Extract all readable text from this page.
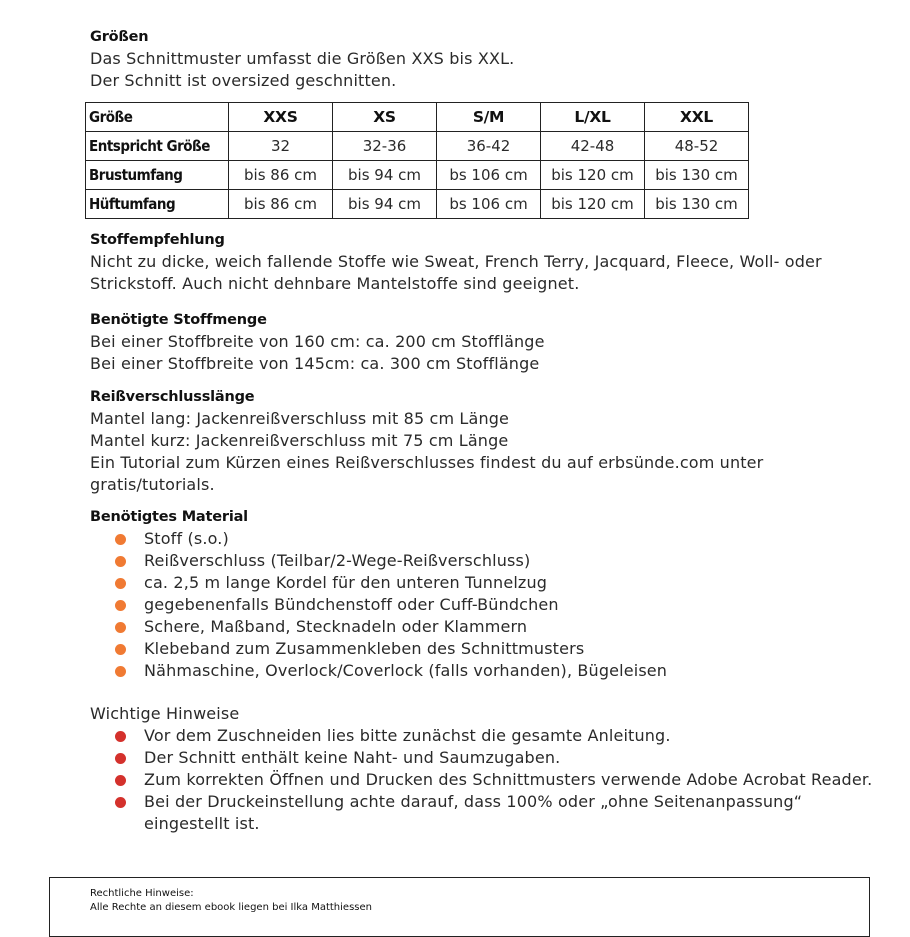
Größen

Das Schnittmuster umfasst die Größen XXS bis XXL.

Der Schnitt ist oversized geschnitten.

Größe	XXS	XS	S/M	L/XL	XXL
Entspricht Größe	32	32-36	36-42	42-48	48-52
Brustumfang	bis 86 cm	bis 94 cm	bs 106 cm	bis 120 cm	bis 130 cm
Hüftumfang	bis 86 cm	bis 94 cm	bs 106 cm	bis 120 cm	bis 130 cm

Stoffempfehlung

Nicht zu dicke, weich fallende Stoffe wie Sweat, French Terry, Jacquard, Fleece, Woll- oder

Strickstoff. Auch nicht dehnbare Mantelstoffe sind geeignet.

Benötigte Stoffmenge

Bei einer Stoffbreite von 160 cm: ca. 200 cm Stofflänge

Bei einer Stoffbreite von 145cm: ca. 300 cm Stofflänge

Reißverschlusslänge

Mantel lang: Jackenreißverschluss mit 85 cm Länge

Mantel kurz: Jackenreißverschluss mit 75 cm Länge

Ein Tutorial zum Kürzen eines Reißverschlusses findest du auf erbsünde.com unter

gratis/tutorials.

Benötigtes Material

Stoff (s.o.)
Reißverschluss (Teilbar/2-Wege-Reißverschluss)
ca. 2,5 m lange Kordel für den unteren Tunnelzug
gegebenenfalls Bündchenstoff oder Cuff-Bündchen
Schere, Maßband, Stecknadeln oder Klammern
Klebeband zum Zusammenkleben des Schnittmusters
Nähmaschine, Overlock/Coverlock (falls vorhanden), Bügeleisen

Wichtige Hinweise

Vor dem Zuschneiden lies bitte zunächst die gesamte Anleitung.
Der Schnitt enthält keine Naht- und Saumzugaben.
Zum korrekten Öffnen und Drucken des Schnittmusters verwende Adobe Acrobat Reader.
Bei der Druckeinstellung achte darauf, dass 100% oder „ohne Seitenanpassung“
eingestellt ist.

Rechtliche Hinweise:

Alle Rechte an diesem ebook liegen bei Ilka Matthiessen
